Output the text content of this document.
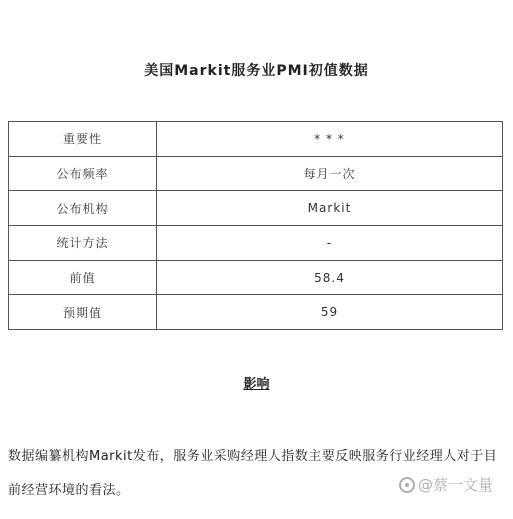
美国Markit服务业PMI初值数据
重要性	* * *
公布频率	每月一次
公布机构	Markit
统计方法	-
前值	58.4
预期值	59
影响
数据编纂机构Markit发布，服务业采购经理人指数主要反映服务行业经理人对于目前经营环境的看法。	@蔡一文量
